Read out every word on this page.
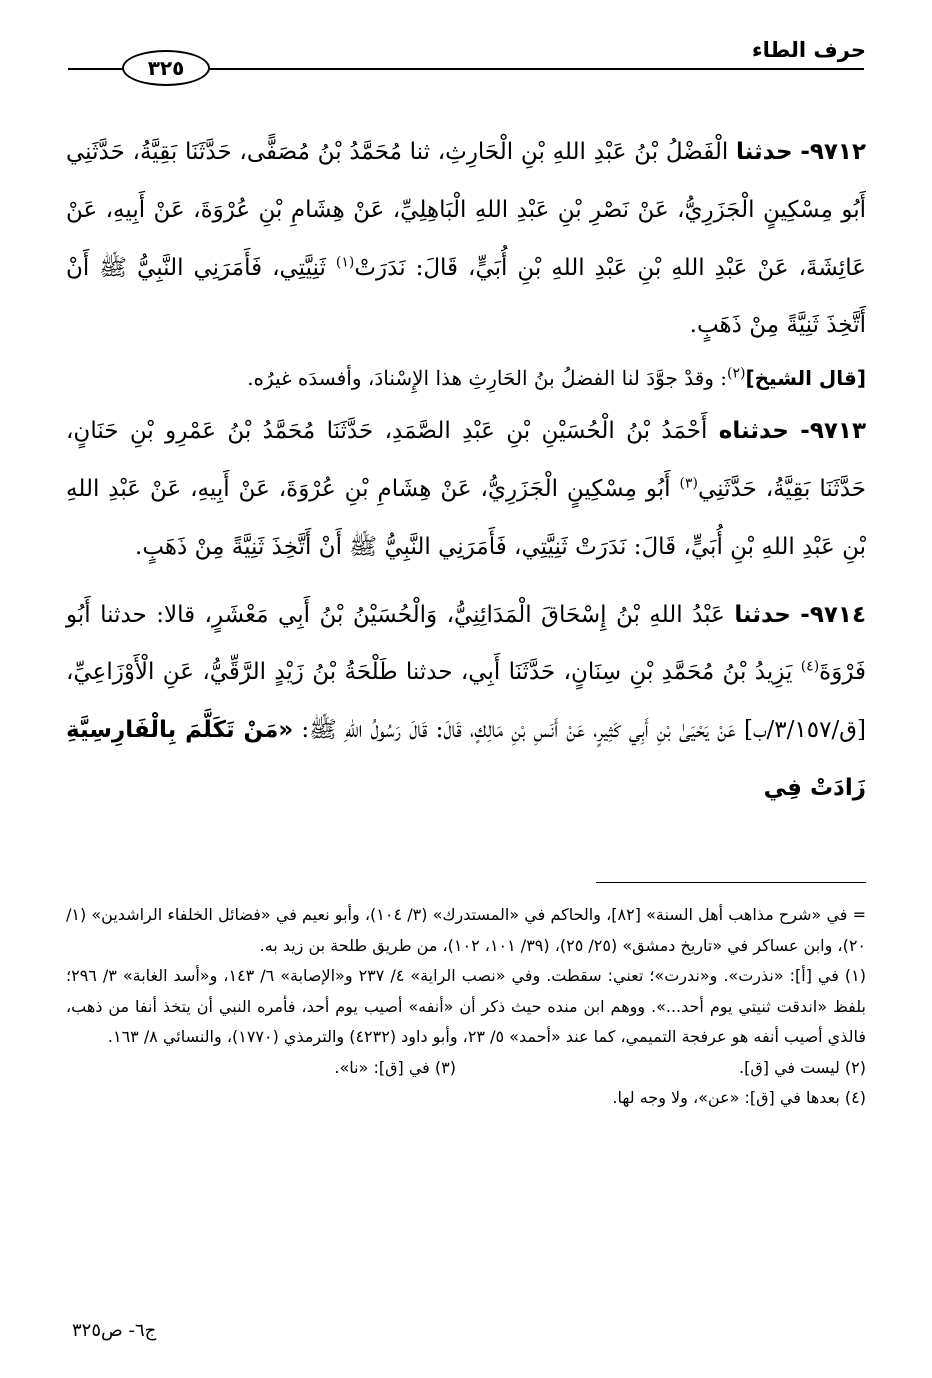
حرف الطاء
٣٢٥

٩٧١٢- حدثنا الْفَضْلُ بْنُ عَبْدِ اللهِ بْنِ الْحَارِثِ، ثنا مُحَمَّدُ بْنُ مُصَفًّى، حَدَّثَنَا بَقِيَّةُ، حَدَّثَنِي أَبُو مِسْكِينٍ الْجَزَرِيُّ، عَنْ نَصْرِ بْنِ عَبْدِ اللهِ الْبَاهِلِيِّ، عَنْ هِشَامِ بْنِ عُرْوَةَ، عَنْ أَبِيهِ، عَنْ عَائِشَةَ، عَنْ عَبْدِ اللهِ بْنِ عَبْدِ اللهِ بْنِ أُبَيٍّ، قَالَ: نَدَرَتْ$^{(١)}$ ثَنِيَّتِي، فَأَمَرَنِي النَّبِيُّ ﷺ أَنْ أَتَّخِذَ ثَنِيَّةً مِنْ ذَهَبٍ.

[قال الشيخ]$^{(٢)}$: وقدْ جوَّدَ لنا الفضلُ بنُ الحَارِثِ هذا الإِسْنادَ، وأفسدَه غيرُه.

٩٧١٣- حدثناه أَحْمَدُ بْنُ الْحُسَيْنِ بْنِ عَبْدِ الصَّمَدِ، حَدَّثَنَا مُحَمَّدُ بْنُ عَمْرِو بْنِ حَنَانٍ، حَدَّثَنَا بَقِيَّةُ، حَدَّثَنِي$^{(٣)}$ أَبُو مِسْكِينٍ الْجَزَرِيُّ، عَنْ هِشَامِ بْنِ عُرْوَةَ، عَنْ أَبِيهِ، عَنْ عَبْدِ اللهِ بْنِ عَبْدِ اللهِ بْنِ أُبَيٍّ، قَالَ: نَدَرَتْ ثَنِيَّتِي، فَأَمَرَنِي النَّبِيُّ ﷺ أَنْ أَتَّخِذَ ثَنِيَّةً مِنْ ذَهَبٍ.

٩٧١٤- حدثنا عَبْدُ اللهِ بْنُ إِسْحَاقَ الْمَدَائِنِيُّ، وَالْحُسَيْنُ بْنُ أَبِي مَعْشَرٍ، قالا: حدثنا أَبُو فَرْوَةَ$^{(٤)}$ يَزِيدُ بْنُ مُحَمَّدِ بْنِ سِنَانٍ، حَدَّثَنَا أَبِي، حدثنا طَلْحَةُ بْنُ زَيْدٍ الرَّقِّيُّ، عَنِ الْأَوْزَاعِيِّ، [ق/٣/١٥٧/ب] عَنْ يَحْيَىٰ بْنِ أَبِي كَثِيرٍ، عَنْ أَنَسِ بْنِ مَالِكٍ، قَالَ: قَالَ رَسُولُ اللهِ ﷺ: «مَنْ تَكَلَّمَ بِالْفَارِسِيَّةِ زَادَتْ فِي

= في «شرح مذاهب أهل السنة» [٨٢]، والحاكم في «المستدرك» (٣/ ١٠٤)، وأبو نعيم في «فضائل الخلفاء الراشدين» (١/ ٢٠)، وابن عساكر في «تاريخ دمشق» (٢٥/ ٢٥)، (٣٩/ ١٠١، ١٠٢)، من طريق طلحة بن زيد به.

(١) في [أ]: «نذرت». و«ندرت»؛ تعني: سقطت. وفي «نصب الراية» ٤/ ٢٣٧ و«الإصابة» ٦/ ١٤٣، و«أسد الغابة» ٣/ ٢٩٦؛ بلفظ «اندقت ثنيتي يوم أحد...». ووهم ابن منده حيث ذكر أن «أنفه» أصيب يوم أحد، فأمره النبي أن يتخذ أنفا من ذهب، فالذي أصيب أنفه هو عرفجة التميمي، كما عند «أحمد» ٥/ ٢٣، وأبو داود (٤٢٣٢) والترمذي (١٧٧٠)، والنسائي ٨/ ١٦٣.

(٢) ليست في [ق].
(٣) في [ق]: «نا».

(٤) بعدها في [ق]: «عن»، ولا وجه لها.

ج٦- ص٣٢٥
